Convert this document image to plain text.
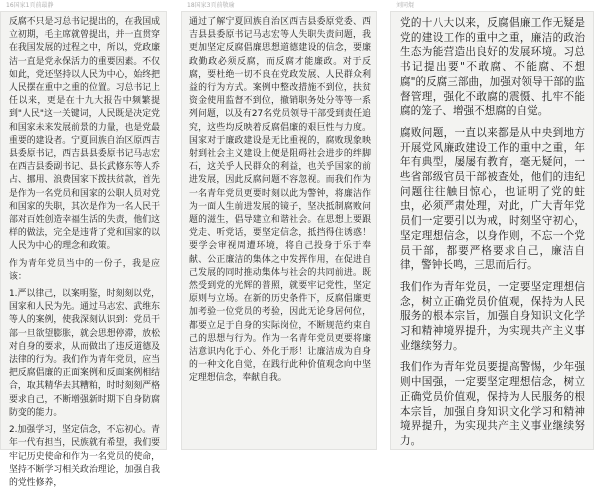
16国家1頁前最静

反腐不只是习总书记提出的，在我国成立初期，毛主席就曾提出，并一直贯穿在我国发展的过程之中，所以，党政廉洁一直是党永保活力的重要因素。不仅如此，党还坚持以人民为中心，始终把人民摆在重中之重的位置。习总书记上任以来，更是在十九大报告中频繁提到"人民"这一关键词，人民既是决定党和国家未来发展前景的力量，也是党最重要的建设者。宁夏回族自治区原西吉县委原书记，西吉县县委原书记马志宏在西吉县委副书记、县长武修东等人乔占、挪用、浪费国家下拨扶贫款，首先是作为一名党员和国家的公职人员对党和国家的失职，其次是作为一名人民干部对百姓创造幸福生活的失责，他们这样的做法，完全是违背了党和国家的以人民为中心的理念和政策。

作为青年党员当中的一份子，我是应该：

1.严以律己，以案明鉴，时刻刻以党，国家和人民为先。通过马志宏、武维东等人的案例，使我深刻认识到：党员干部一旦欲望膨胀，就会思想停滞，放松对自身的要求，从而做出了违反道德及法律的行为。我们作为青年党员，应当把反腐倡廉的正面案例和反面案例相结合，取其精华去其糟粕，时时刻刻严格要求自己，不断增强新时期下自身防腐防变的能力。

2.加强学习，坚定信念，不忘初心。青年一代有担当，民族就有希望，我们要牢记历史使命和作为一名党员的使命，坚持不断学习相关政治理论，加强自我的党性修养，

18国家3頁前敬瑜

通过了解宁夏回族自治区西吉县委原党委、西吉县县委原书记马志宏等人失职失责问题，我更加坚定反腐倡廉思想道德建设的信念，要廉政勤政必须反腐，而反腐才能廉政。对于反腐，要杜绝一切不良在党政发展、人民群众利益的行为方式。案例中整改措施不到位，扶贫资金使用监督不到位，撤销职务处分等等一系列问题，以及有27名党员领导干部受到责任追究，这些均反映着反腐倡廉的艰巨性与力度。国家对于廉政建设是无比重视的，腐败现象映射到社会主义建设上便是阻碍社会进步的绊脚石，这关乎人民群众的利益，也关乎国家的前进发展，因此反腐问题不容忽视。而我们作为一名青年党员更要时刻以此为警钟，将廉洁作为一面人生前进发展的镜子，坚决抵制腐败问题的滋生，倡导建立和谐社会。在思想上要跟党走、听党话，要坚定信念，抵挡得住诱惑！要学会审视周遭环境，将自己投身于乐于奉献、公正廉洁的集体之中发挥作用，在促进自己发展的同时推动集体与社会的共同前进。既然受到党的光辉的普照，就要牢记党性，坚定原则与立场。在新的历史条件下，反腐倡廉更加考验一位党员的考验，因此无论身居何位，都要立足于自身的实际岗位，不断规范约束自己的思想与行为。作为一名青年党员更要将廉洁意识内化于心、外化于形！让廉洁成为自身的一种文化自觉，在践行此种价值观念向中坚定理想信念，奉献自我。

刘同焜

党的十八大以来，反腐倡廉工作无疑是党的建设工作的重中之重，廉洁的政治生态为能营造出良好的发展环境。习总书记提出要"不敢腐、不能腐、不想腐"的反腐三部曲，加强对领导干部的监督管理，强化不敢腐的震慑、扎牢不能腐的笼子、增强不想腐的自觉。

腐败问题，一直以来都是从中央到地方开展党风廉政建设工作的重中之重，年年有典型，屡屡有教育，毫无疑问，一些省部级官员干部被查处，他们的违纪问题往往触目惊心，也证明了党的蛀虫，必须严肃处理，对此，广大青年党员们一定要引以为戒，时刻坚守初心，坚定理想信念，以身作则，不忘一个党员干部，都要严格要求自己，廉洁自律，警钟长鸣，三思而后行。

我们作为青年党员，一定要坚定理想信念，树立正确党员价值观，保持为人民服务的根本宗旨，加强自身知识文化学习和精神境界提升，为实现共产主义事业继续努力。

我们作为青年党员要提高警惕，少年强则中国强，一定要坚定理想信念，树立正确党员价值观，保持为人民服务的根本宗旨，加强自身知识文化学习和精神境界提升，为实现共产主义事业继续努力。
